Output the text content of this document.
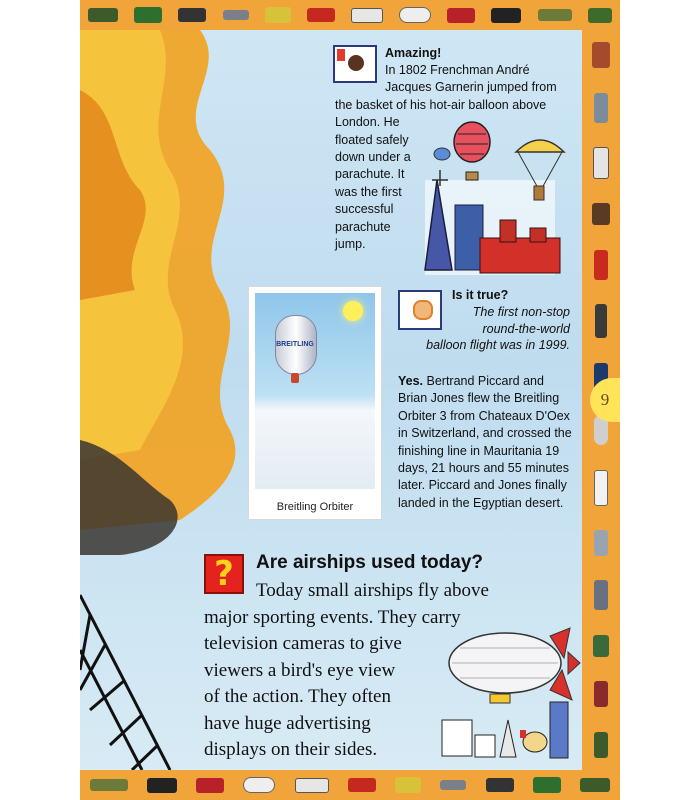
9
Amazing!
In 1802 Frenchman André
Jacques Garnerin jumped from
the basket of his hot-air balloon above
London. He
floated safely
down under a
parachute. It
was the first
successful
parachute
jump.
BREITLING
Breitling Orbiter
Is it true?
The first non-stop
round-the-world
balloon flight was in 1999.
Yes. Bertrand Piccard and Brian Jones flew the Breitling Orbiter 3 from Chateaux D'Oex in Switzerland, and crossed the finishing line in Mauritania 19 days, 21 hours and 55 minutes later. Piccard and Jones finally landed in the Egyptian desert.
?	Are airships used today?
Today small airships fly above
major sporting events. They carry
television cameras to give
viewers a bird's eye view
of the action. They often
have huge advertising
displays on their sides.
